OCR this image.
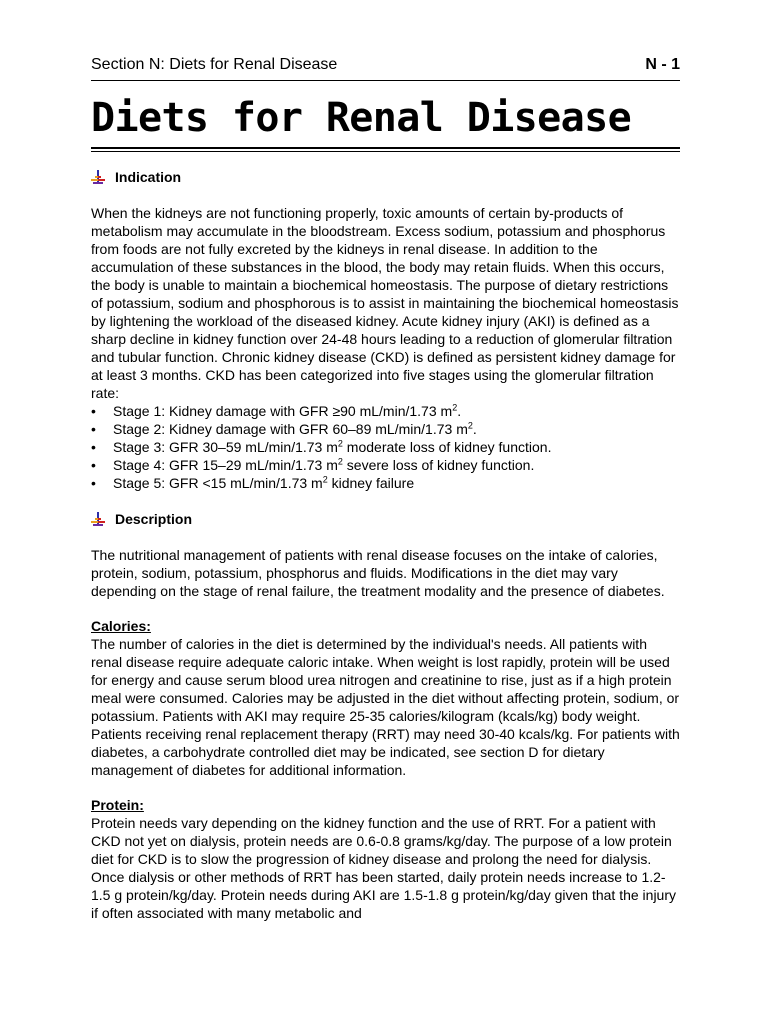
Section N: Diets for Renal Disease	N - 1
Diets for Renal Disease
Indication

When the kidneys are not functioning properly, toxic amounts of certain by-products of metabolism may accumulate in the bloodstream. Excess sodium, potassium and phosphorus from foods are not fully excreted by the kidneys in renal disease. In addition to the accumulation of these substances in the blood, the body may retain fluids. When this occurs, the body is unable to maintain a biochemical homeostasis. The purpose of dietary restrictions of potassium, sodium and phosphorous is to assist in maintaining the biochemical homeostasis by lightening the workload of the diseased kidney. Acute kidney injury (AKI) is defined as a sharp decline in kidney function over 24-48 hours leading to a reduction of glomerular filtration and tubular function. Chronic kidney disease (CKD) is defined as persistent kidney damage for at least 3 months. CKD has been categorized into five stages using the glomerular filtration rate:

• Stage 1: Kidney damage with GFR ≥90 mL/min/1.73 $m^2$.
• Stage 2: Kidney damage with GFR 60–89 mL/min/1.73 $m^2$.
• Stage 3: GFR 30–59 mL/min/1.73 $m^2$ moderate loss of kidney function.
• Stage 4: GFR 15–29 mL/min/1.73 $m^2$ severe loss of kidney function.
• Stage 5: GFR <15 mL/min/1.73 $m^2$ kidney failure
Description

The nutritional management of patients with renal disease focuses on the intake of calories, protein, sodium, potassium, phosphorus and fluids. Modifications in the diet may vary depending on the stage of renal failure, the treatment modality and the presence of diabetes.

Calories:

The number of calories in the diet is determined by the individual's needs. All patients with renal disease require adequate caloric intake. When weight is lost rapidly, protein will be used for energy and cause serum blood urea nitrogen and creatinine to rise, just as if a high protein meal were consumed. Calories may be adjusted in the diet without affecting protein, sodium, or potassium. Patients with AKI may require 25-35 calories/kilogram (kcals/kg) body weight. Patients receiving renal replacement therapy (RRT) may need 30-40 kcals/kg. For patients with diabetes, a carbohydrate controlled diet may be indicated, see section D for dietary management of diabetes for additional information.

Protein:

Protein needs vary depending on the kidney function and the use of RRT. For a patient with CKD not yet on dialysis, protein needs are 0.6-0.8 grams/kg/day. The purpose of a low protein diet for CKD is to slow the progression of kidney disease and prolong the need for dialysis. Once dialysis or other methods of RRT has been started, daily protein needs increase to 1.2-1.5 g protein/kg/day. Protein needs during AKI are 1.5-1.8 g protein/kg/day given that the injury if often associated with many metabolic and
